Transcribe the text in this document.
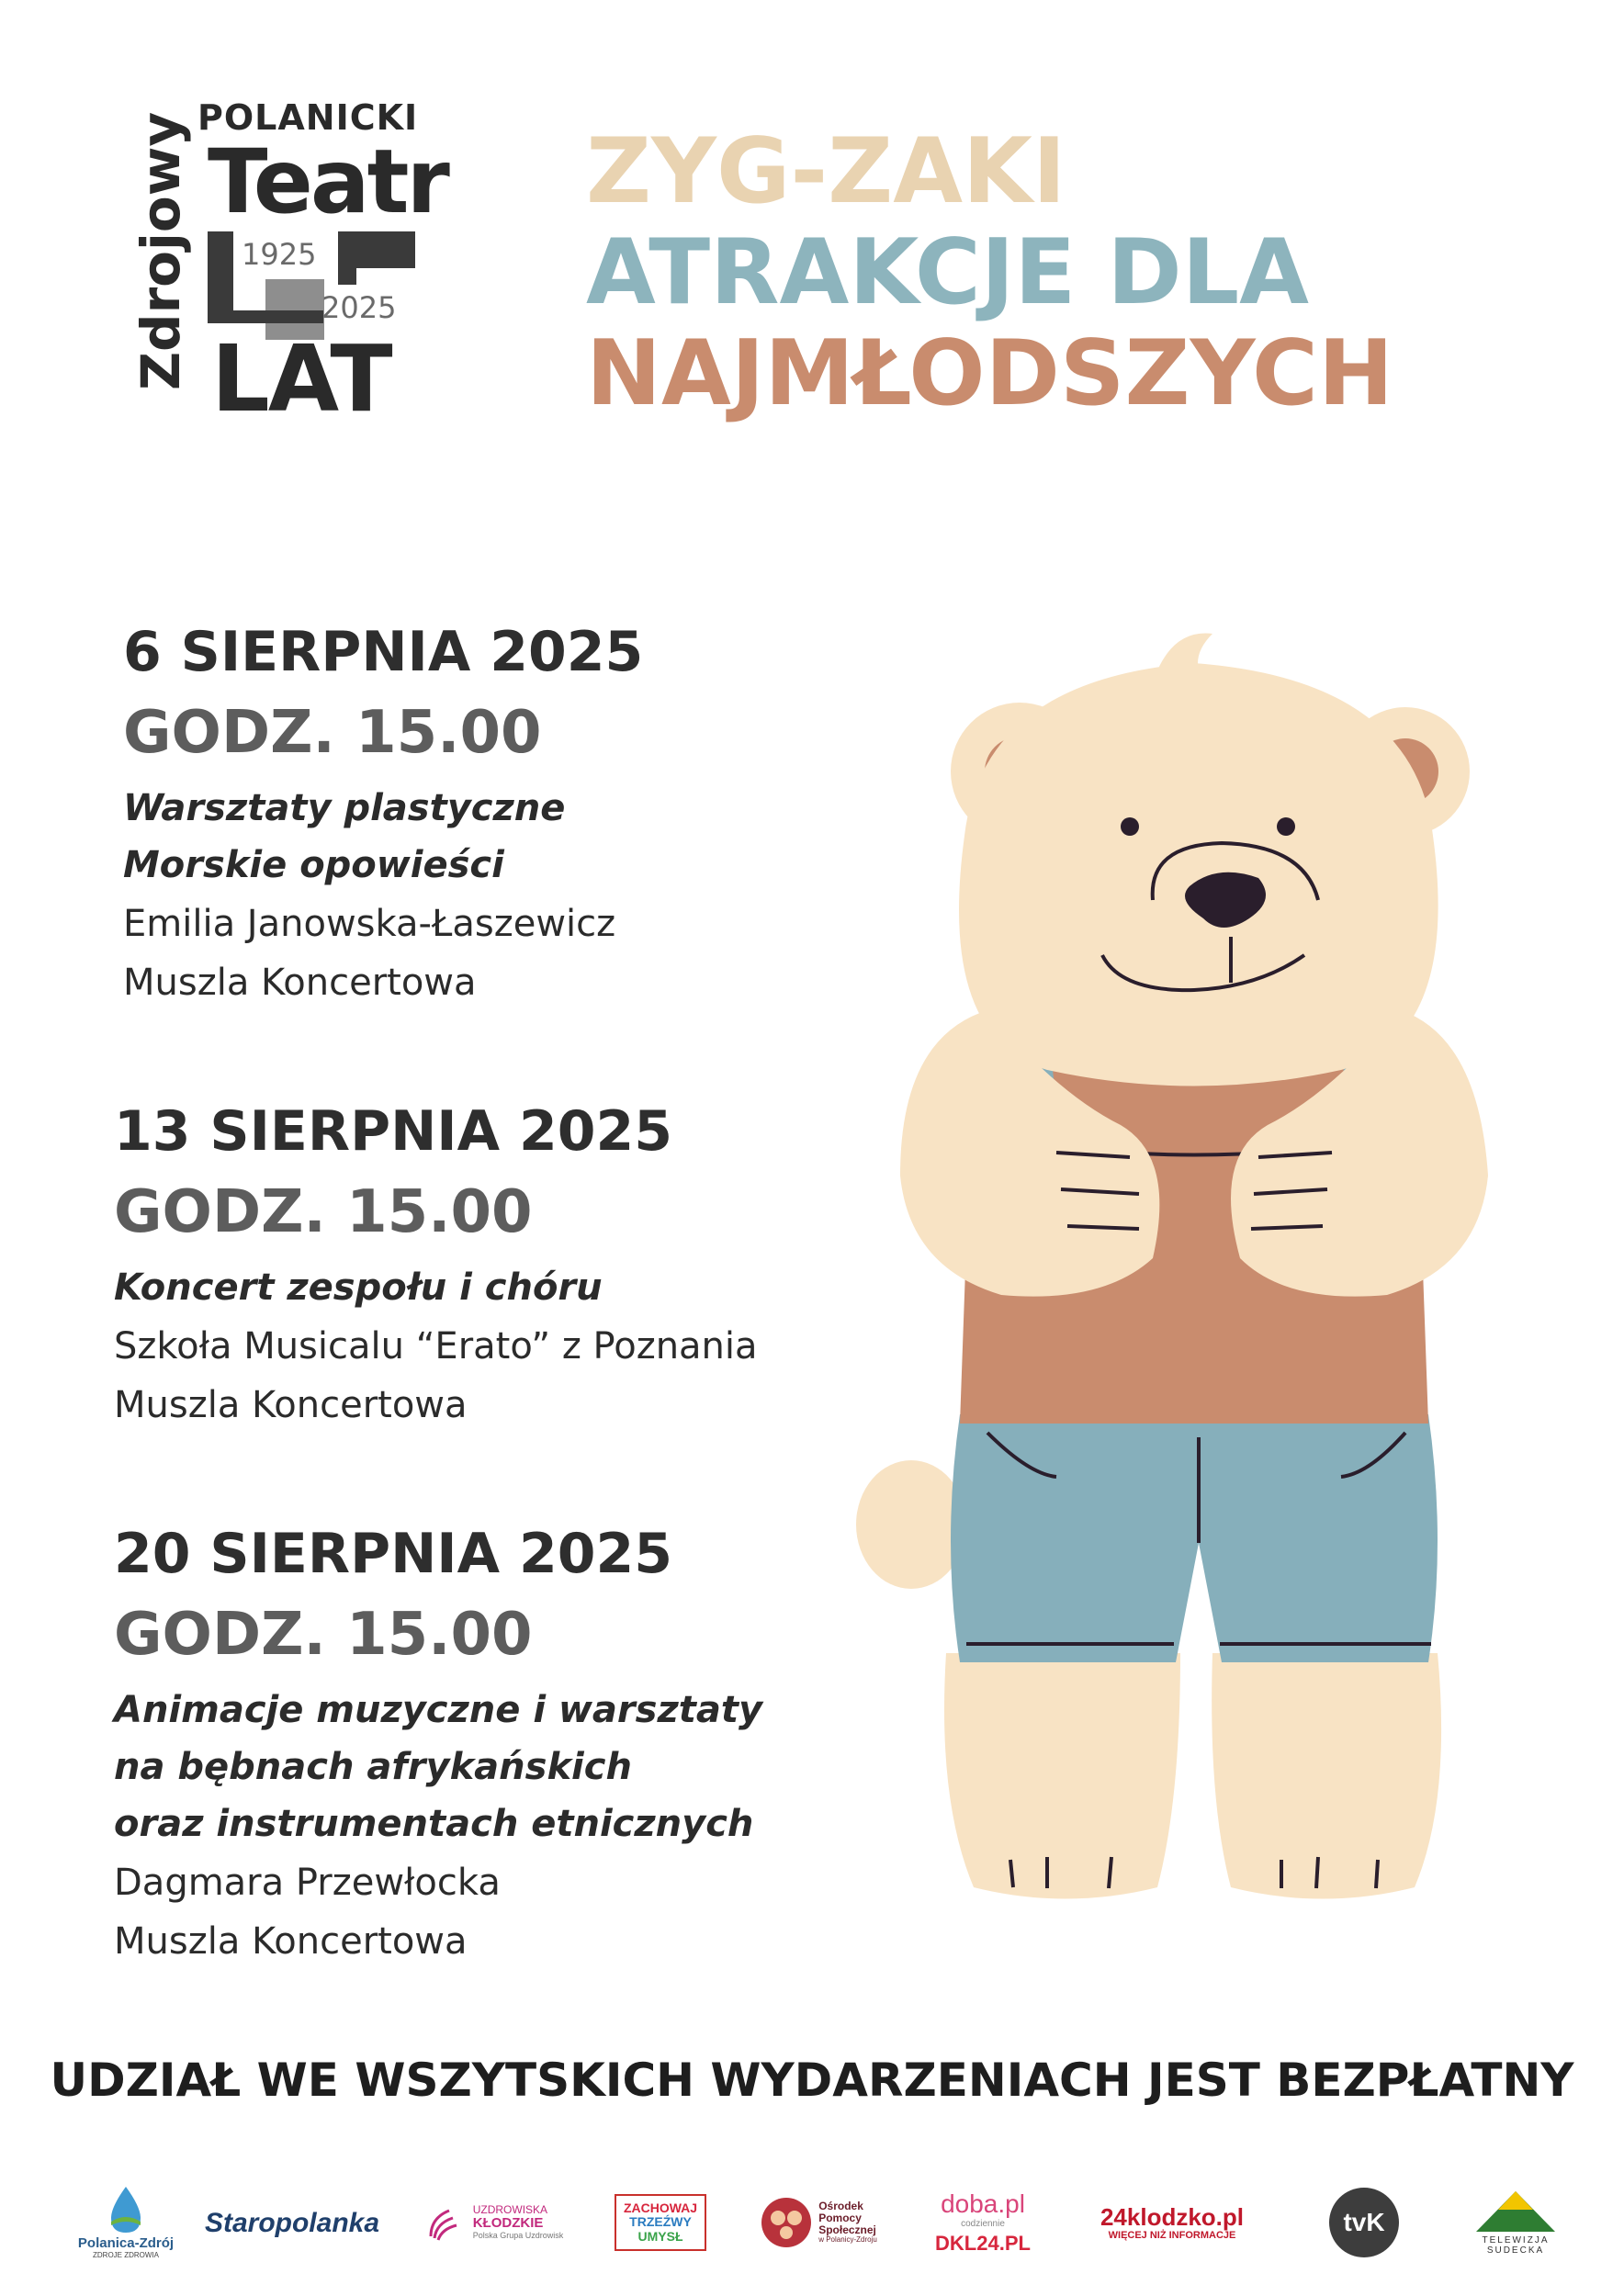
POLANICKI
Zdrojowy Teatr
1925
2025
LAT
ZYG-ZAKI
ATRAKCJE DLA
NAJMŁODSZYCH
6 SIERPNIA 2025
GODZ. 15.00
Warsztaty plastyczne
Morskie opowieści
Emilia Janowska-Łaszewicz
Muszla Koncertowa
13 SIERPNIA 2025
GODZ. 15.00
Koncert zespołu i chóru
Szkoła Musicalu “Erato” z Poznania
Muszla Koncertowa
20 SIERPNIA 2025
GODZ. 15.00
Animacje muzyczne i warsztaty
na bębnach afrykańskich
oraz instrumentach etnicznych
Dagmara Przewłocka
Muszla Koncertowa
UDZIAŁ WE WSZYTSKICH WYDARZENIACH JEST BEZPŁATNY
Polanica-Zdrój
ZDROJE ZDROWIA
Staropolanka	UZDROWISKA
KŁODZKIE
Polska Grupa Uzdrowisk
ZACHOWAJ
TRZEŹWY
UMYSŁ
Ośrodek
Pomocy
Społecznej
w Polanicy-Zdroju
doba.pl
codziennie
DKL24.PL
24klodzko.pl
WIĘCEJ NIŻ INFORMACJE	tvK
TELEWIZJA
SUDECKA
